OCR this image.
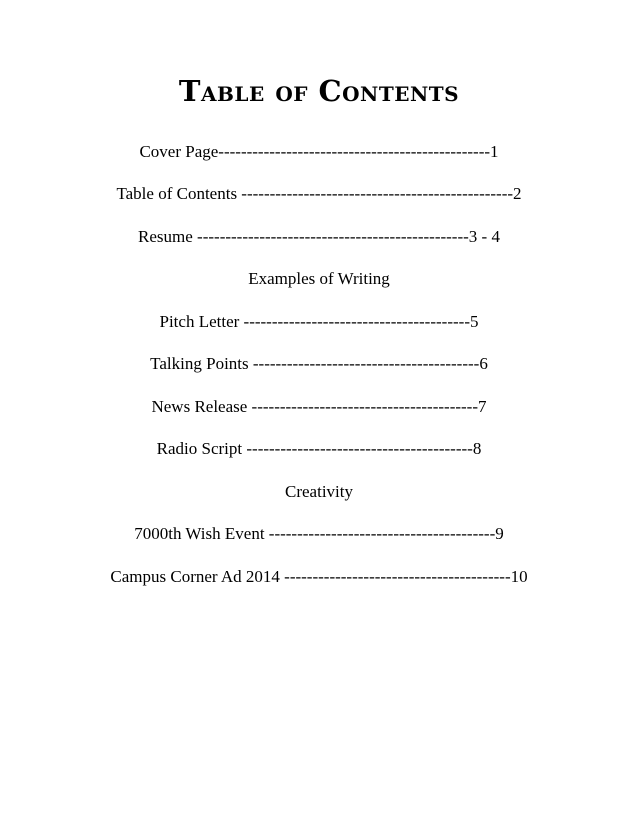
Table of Contents
Cover Page------------------------------------------------1
Table of Contents ------------------------------------------------2
Resume ------------------------------------------------3 - 4
Examples of Writing
Pitch Letter ----------------------------------------5
Talking Points ----------------------------------------6
News Release ----------------------------------------7
Radio Script ----------------------------------------8
Creativity
7000th Wish Event ----------------------------------------9
Campus Corner Ad 2014 ----------------------------------------10
